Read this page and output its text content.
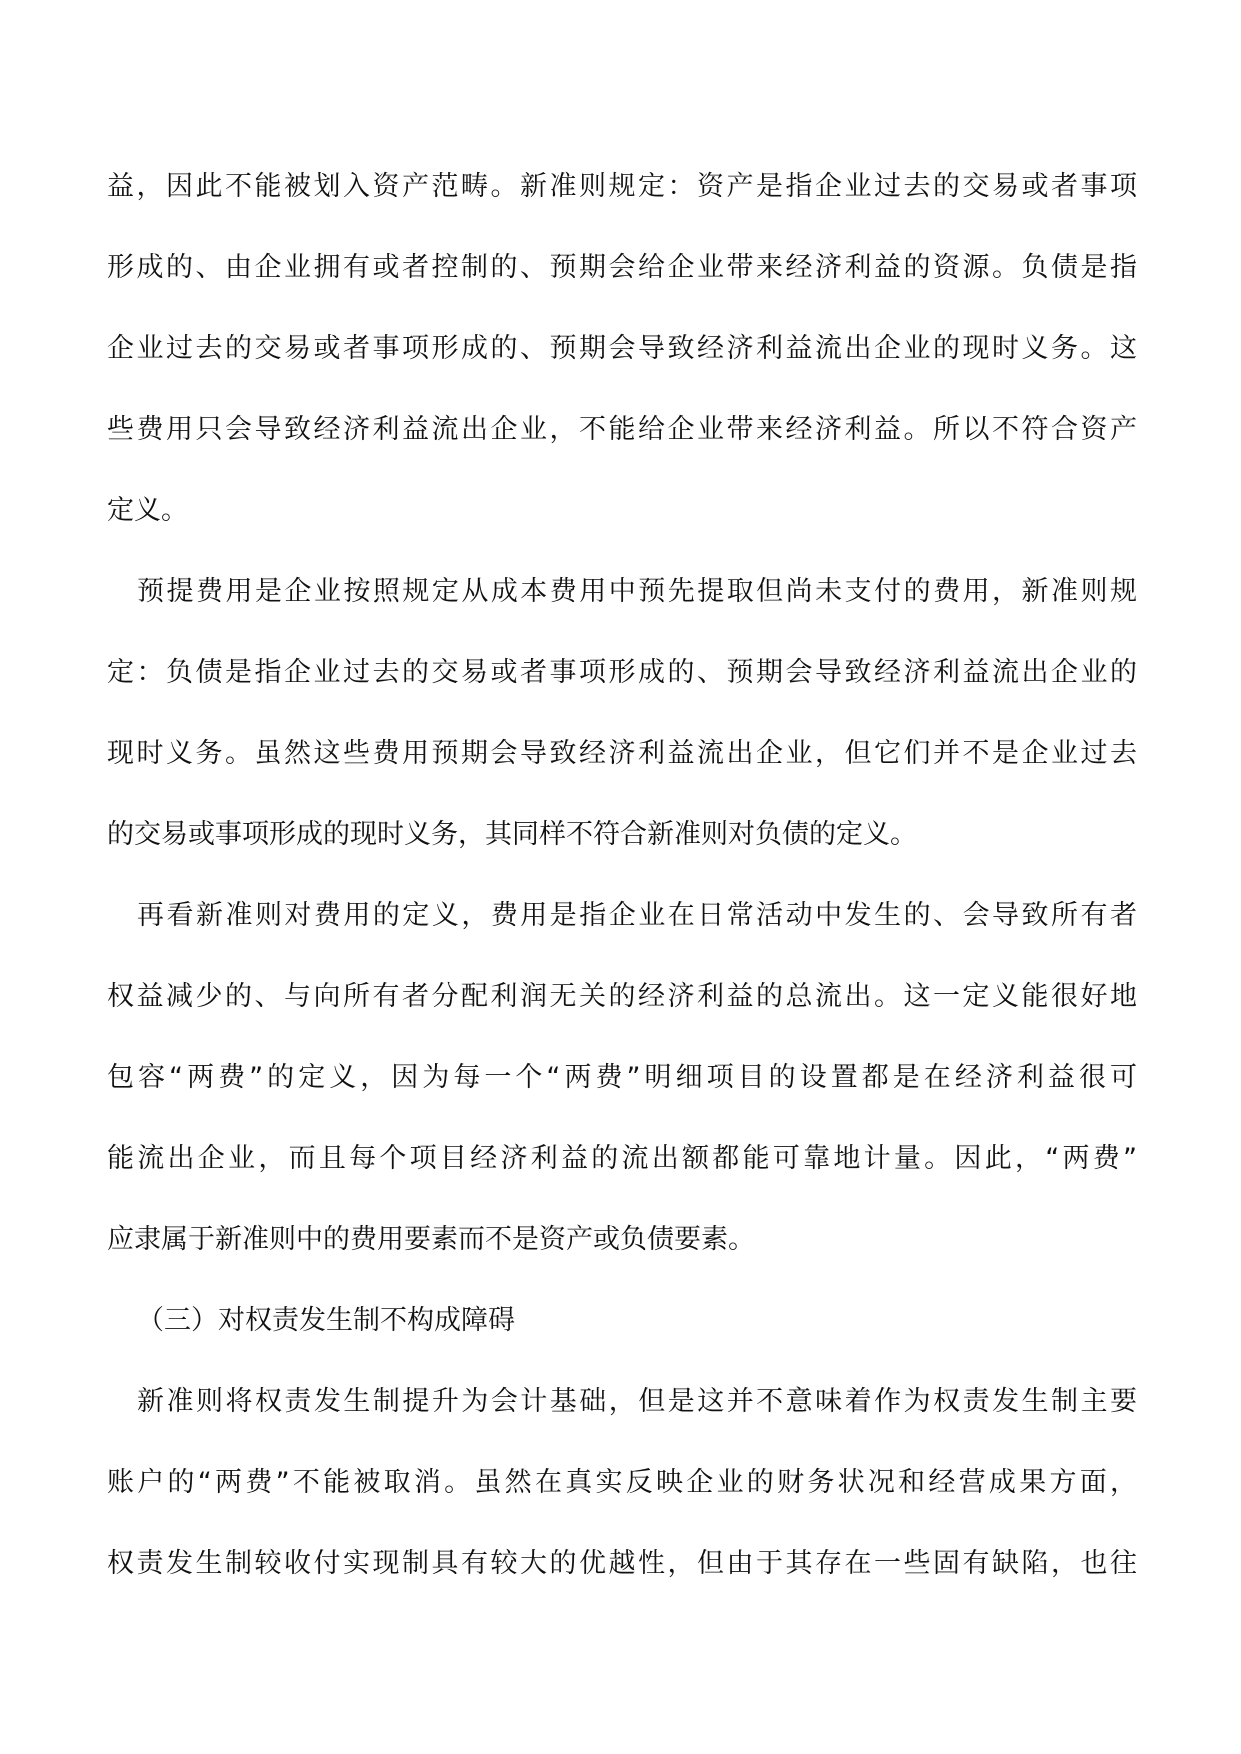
益，因此不能被划入资产范畴。新准则规定：资产是指企业过去的交易或者事项
形成的、由企业拥有或者控制的、预期会给企业带来经济利益的资源。负债是指
企业过去的交易或者事项形成的、预期会导致经济利益流出企业的现时义务。这
些费用只会导致经济利益流出企业，不能给企业带来经济利益。所以不符合资产
定义。
预提费用是企业按照规定从成本费用中预先提取但尚未支付的费用，新准则规
定：负债是指企业过去的交易或者事项形成的、预期会导致经济利益流出企业的
现时义务。虽然这些费用预期会导致经济利益流出企业，但它们并不是企业过去
的交易或事项形成的现时义务，其同样不符合新准则对负债的定义。
再看新准则对费用的定义，费用是指企业在日常活动中发生的、会导致所有者
权益减少的、与向所有者分配利润无关的经济利益的总流出。这一定义能很好地
包容“两费”的定义，因为每一个“两费”明细项目的设置都是在经济利益很可
能流出企业，而且每个项目经济利益的流出额都能可靠地计量。因此，“两费”
应隶属于新准则中的费用要素而不是资产或负债要素。
（三）对权责发生制不构成障碍
新准则将权责发生制提升为会计基础，但是这并不意味着作为权责发生制主要
账户的“两费”不能被取消。虽然在真实反映企业的财务状况和经营成果方面，
权责发生制较收付实现制具有较大的优越性，但由于其存在一些固有缺陷，也往
